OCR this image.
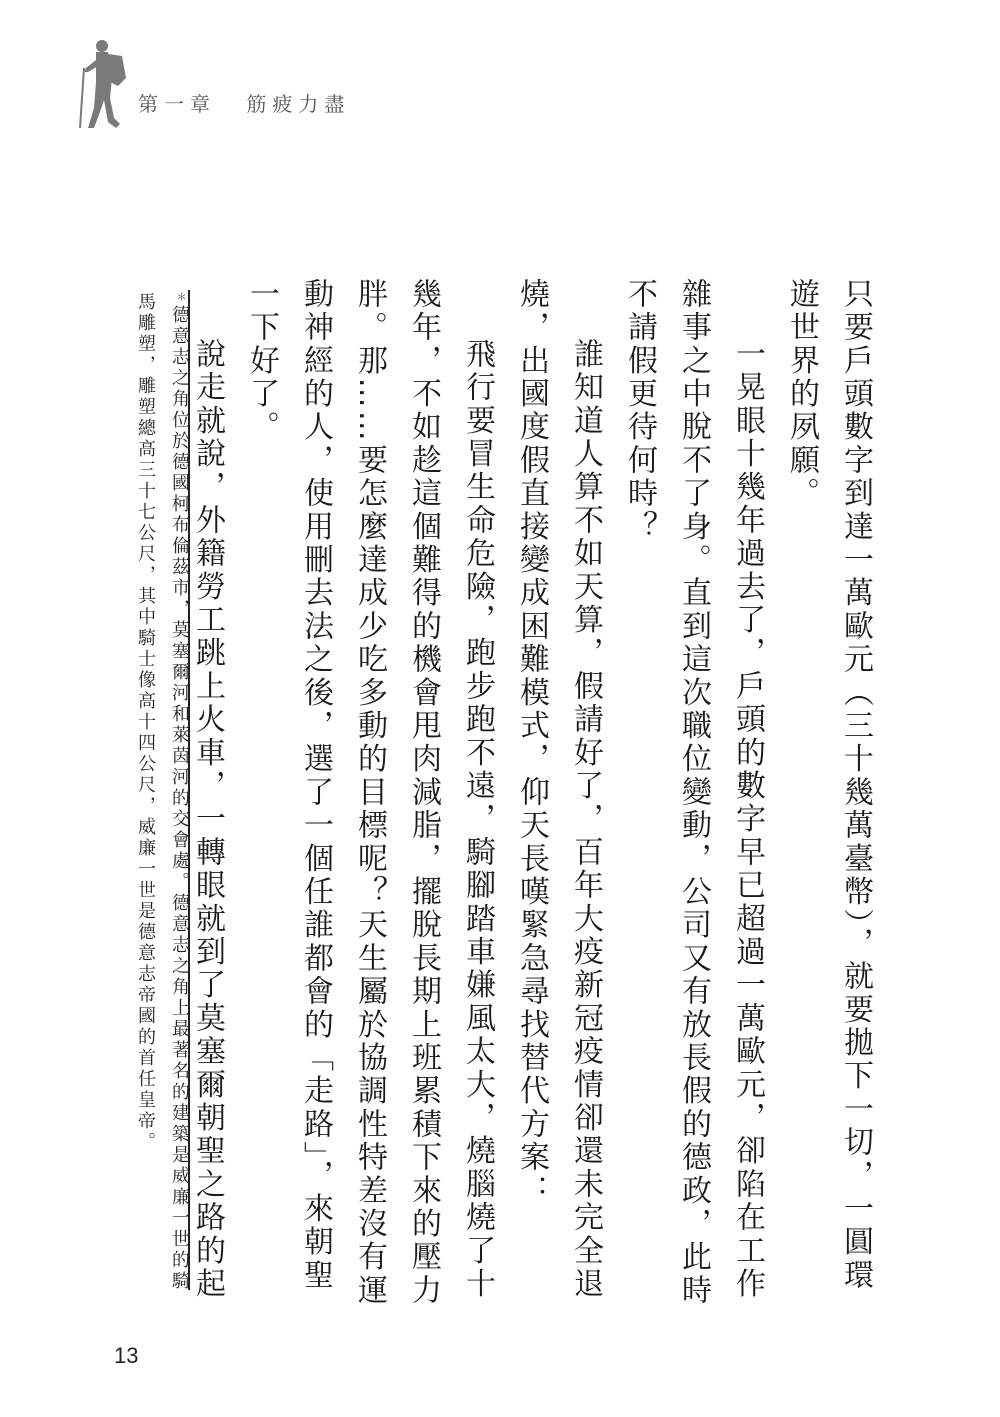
第一章 筋疲力盡

只要戶頭數字到達一萬歐元（三十幾萬臺幣），就要拋下一切，一圓環遊世界的夙願。

一晃眼十幾年過去了，戶頭的數字早已超過一萬歐元，卻陷在工作雜事之中脫不了身。直到這次職位變動，公司又有放長假的德政，此時不請假更待何時？

誰知道人算不如天算，假請好了，百年大疫新冠疫情卻還未完全退燒，出國度假直接變成困難模式，仰天長嘆緊急尋找替代方案：

飛行要冒生命危險，跑步跑不遠，騎腳踏車嫌風太大，燒腦燒了十幾年，不如趁這個難得的機會甩肉減脂，擺脫長期上班累積下來的壓力胖。那……要怎麼達成少吃多動的目標呢？天生屬於協調性特差沒有運動神經的人，使用刪去法之後，選了一個任誰都會的「走路」，來朝聖一下好了。

說走就說，外籍勞工跳上火車，一轉眼就到了莫塞爾朝聖之路的起

＊德意志之角位於德國柯布倫茲市，莫塞爾河和萊茵河的交會處。德意志之角上最著名的建築是威廉一世的騎馬雕塑，雕塑總高三十七公尺，其中騎士像高十四公尺，威廉一世是德意志帝國的首任皇帝。
13
